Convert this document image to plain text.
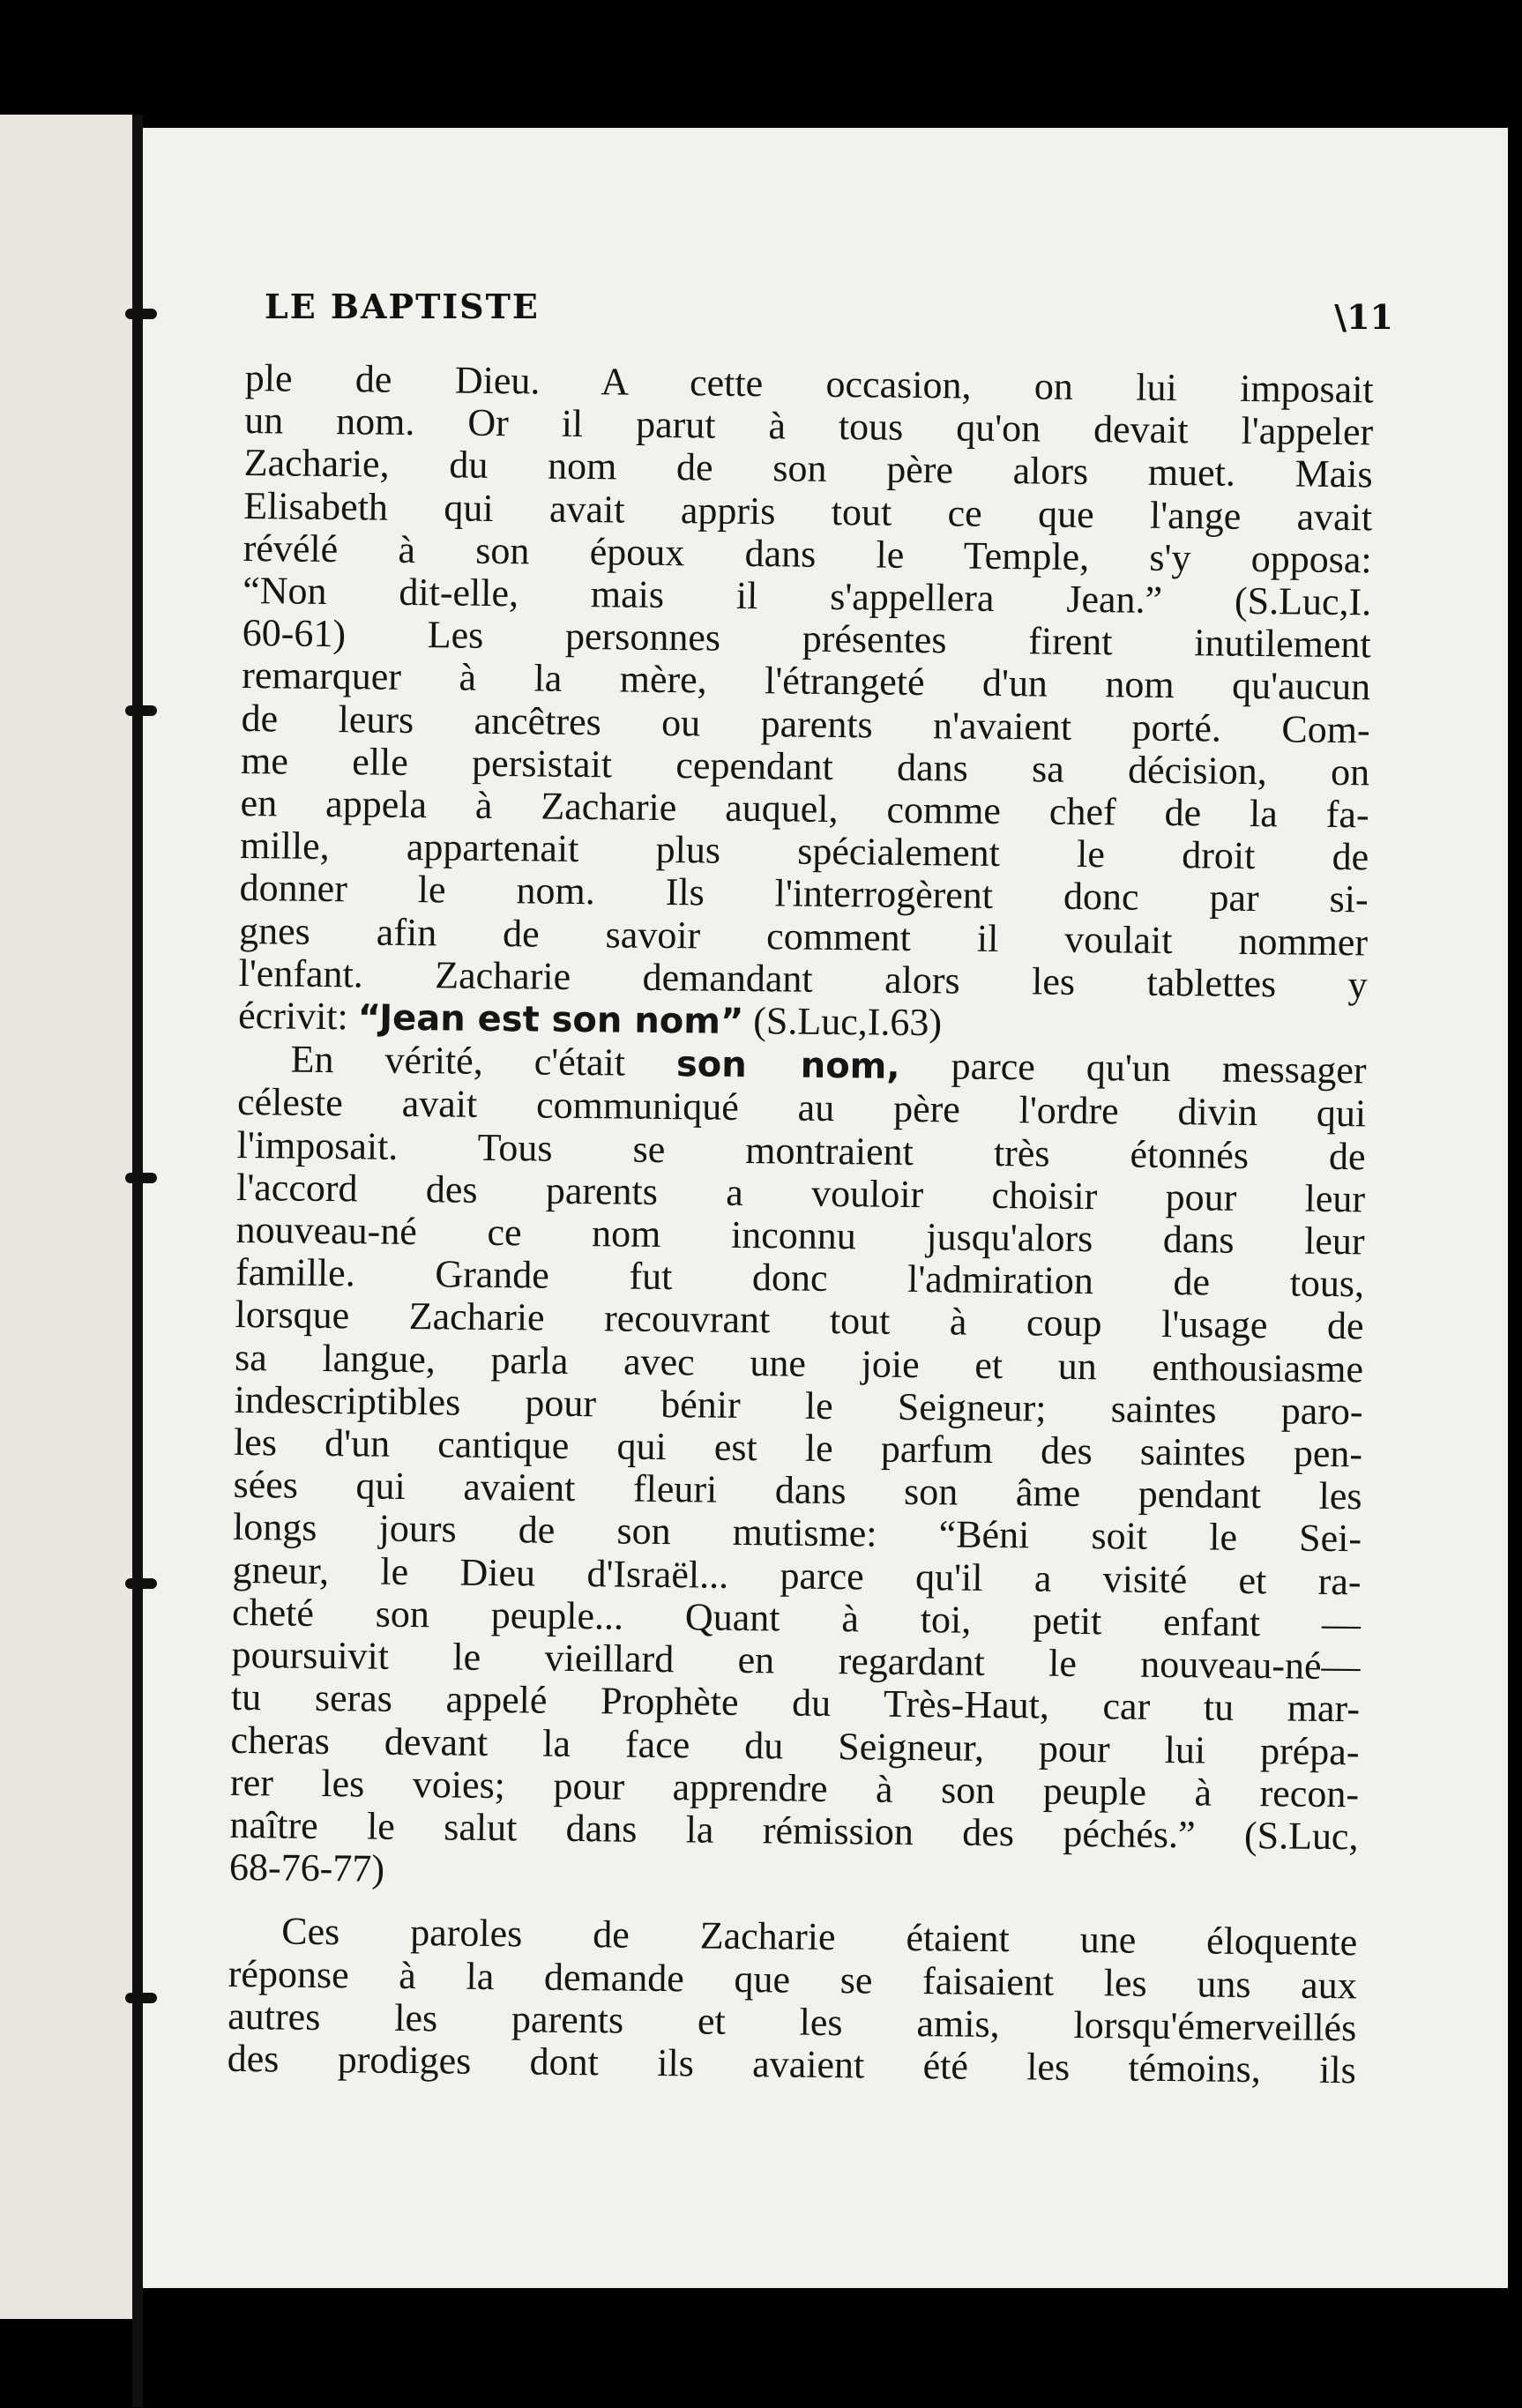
LE BAPTISTE	\11
ple de Dieu. A cette occasion, on lui imposait
un nom. Or il parut à tous qu'on devait l'appeler
Zacharie, du nom de son père alors muet. Mais
Elisabeth qui avait appris tout ce que l'ange avait
révélé à son époux dans le Temple, s'y opposa:
“Non dit-elle, mais il s'appellera Jean.” (S.Luc,I.
60-61) Les personnes présentes firent inutilement
remarquer à la mère, l'étrangeté d'un nom qu'aucun
de leurs ancêtres ou parents n'avaient porté. Com-
me elle persistait cependant dans sa décision, on
en appela à Zacharie auquel, comme chef de la fa-
mille, appartenait plus spécialement le droit de
donner le nom. Ils l'interrogèrent donc par si-
gnes afin de savoir comment il voulait nommer
l'enfant. Zacharie demandant alors les tablettes y
écrivit: “Jean est son nom” (S.Luc,I.63)
En vérité, c'était son nom, parce qu'un messager
céleste avait communiqué au père l'ordre divin qui
l'imposait. Tous se montraient très étonnés de
l'accord des parents a vouloir choisir pour leur
nouveau-né ce nom inconnu jusqu'alors dans leur
famille. Grande fut donc l'admiration de tous,
lorsque Zacharie recouvrant tout à coup l'usage de
sa langue, parla avec une joie et un enthousiasme
indescriptibles pour bénir le Seigneur; saintes paro-
les d'un cantique qui est le parfum des saintes pen-
sées qui avaient fleuri dans son âme pendant les
longs jours de son mutisme: “Béni soit le Sei-
gneur, le Dieu d'Israël... parce qu'il a visité et ra-
cheté son peuple... Quant à toi, petit enfant —
poursuivit le vieillard en regardant le nouveau-né—
tu seras appelé Prophète du Très-Haut, car tu mar-
cheras devant la face du Seigneur, pour lui prépa-
rer les voies; pour apprendre à son peuple à recon-
naître le salut dans la rémission des péchés.” (S.Luc,
68-76-77)
Ces paroles de Zacharie étaient une éloquente
réponse à la demande que se faisaient les uns aux
autres les parents et les amis, lorsqu'émerveillés
des prodiges dont ils avaient été les témoins, ils
